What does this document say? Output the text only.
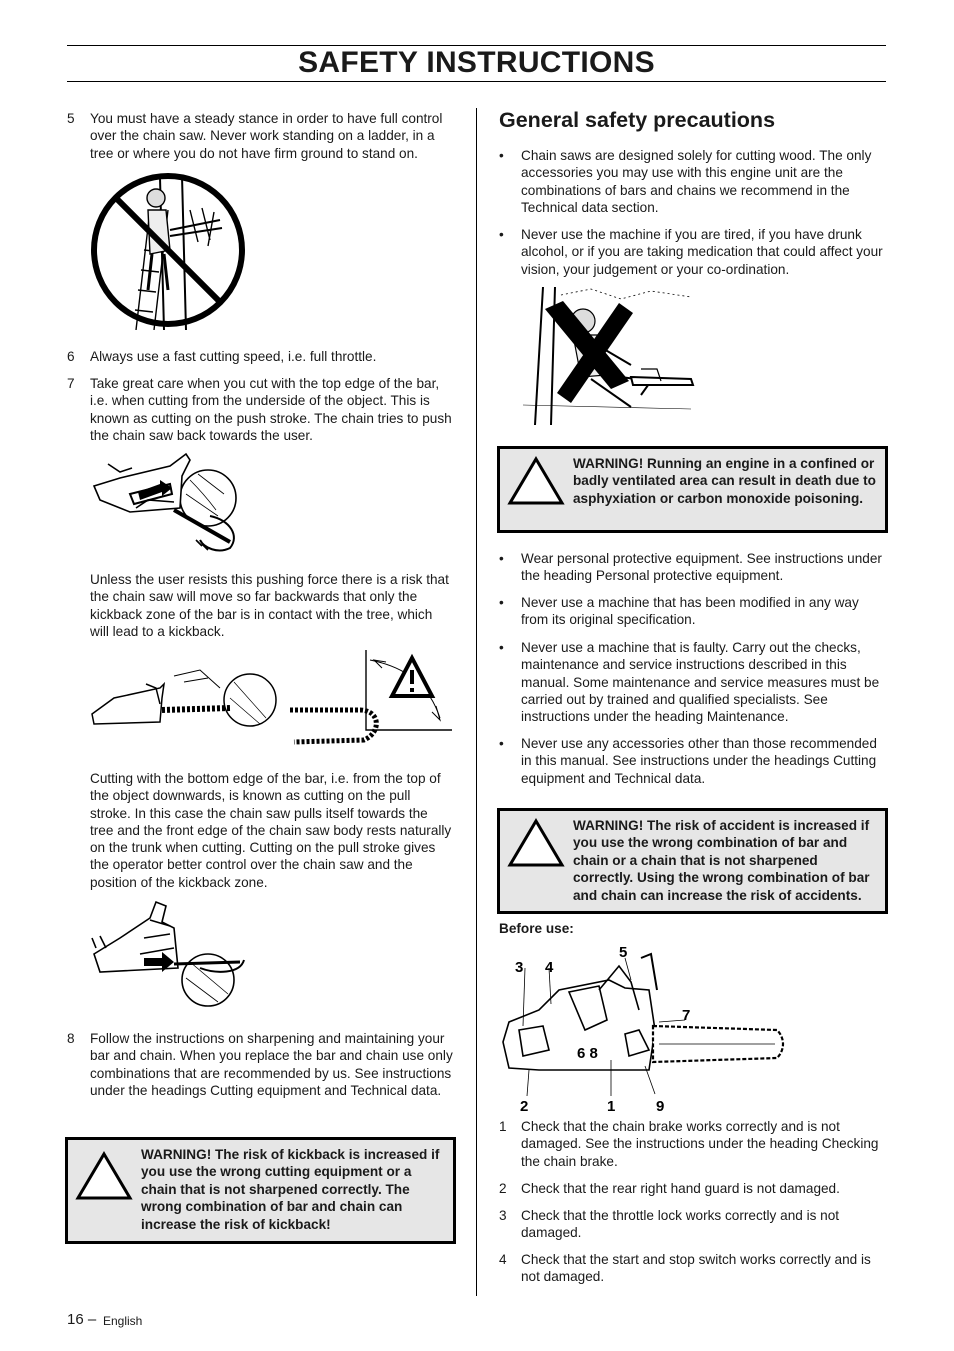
SAFETY INSTRUCTIONS
5 You must have a steady stance in order to have full control over the chain saw. Never work standing on a ladder, in a tree or where you do not have firm ground to stand on.
6 Always use a fast cutting speed, i.e. full throttle.
7 Take great care when you cut with the top edge of the bar, i.e. when cutting from the underside of the object. This is known as cutting on the push stroke. The chain tries to push the chain saw back towards the user.
Unless the user resists this pushing force there is a risk that the chain saw will move so far backwards that only the kickback zone of the bar is in contact with the tree, which will lead to a kickback.
Cutting with the bottom edge of the bar, i.e. from the top of the object downwards, is known as cutting on the pull stroke. In this case the chain saw pulls itself towards the tree and the front edge of the chain saw body rests naturally on the trunk when cutting. Cutting on the pull stroke gives the operator better control over the chain saw and the position of the kickback zone.
8 Follow the instructions on sharpening and maintaining your bar and chain. When you replace the bar and chain use only combinations that are recommended by us. See instructions under the headings Cutting equipment and Technical data.
WARNING! The risk of kickback is increased if you use the wrong cutting equipment or a chain that is not sharpened correctly. The wrong combination of bar and chain can increase the risk of kickback!
General safety precautions
• Chain saws are designed solely for cutting wood. The only accessories you may use with this engine unit are the combinations of bars and chains we recommend in the Technical data section.
• Never use the machine if you are tired, if you have drunk alcohol, or if you are taking medication that could affect your vision, your judgement or your co-ordination.
WARNING! Running an engine in a confined or badly ventilated area can result in death due to asphyxiation or carbon monoxide poisoning.
• Wear personal protective equipment. See instructions under the heading Personal protective equipment.
• Never use a machine that has been modified in any way from its original specification.
• Never use a machine that is faulty. Carry out the checks, maintenance and service instructions described in this manual. Some maintenance and service measures must be carried out by trained and qualified specialists. See instructions under the heading Maintenance.
• Never use any accessories other than those recommended in this manual. See instructions under the headings Cutting equipment and Technical data.
WARNING! The risk of accident is increased if you use the wrong combination of bar and chain or a chain that is not sharpened correctly. Using the wrong combination of bar and chain can increase the risk of accidents.
Before use:
3 4
5
7
6 8
2	1	9
1 Check that the chain brake works correctly and is not damaged. See the instructions under the heading Checking the chain brake.
2 Check that the rear right hand guard is not damaged.
3 Check that the throttle lock works correctly and is not damaged.
4 Check that the start and stop switch works correctly and is not damaged.
16 – English
